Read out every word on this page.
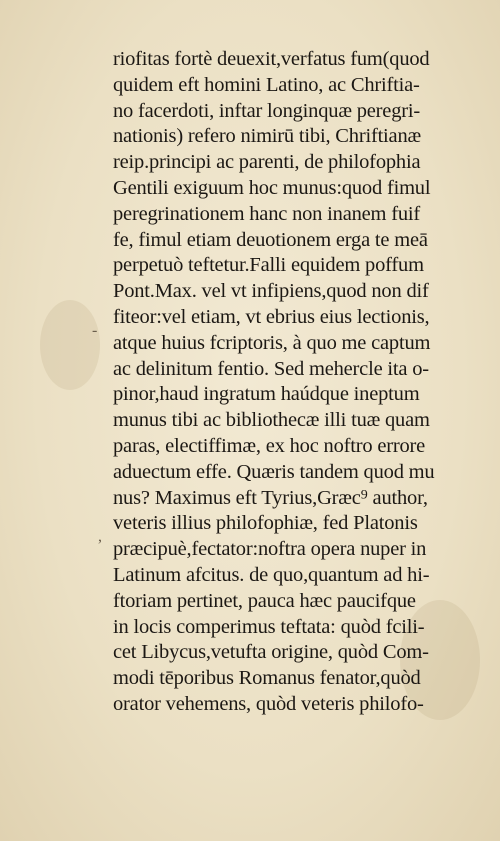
-
,
riofitas fortè deuexit,verfatus fum(quod
quidem eft homini Latino, ac Chriftia-
no facerdoti, inftar longinquæ peregri-
nationis) refero nimirū tibi, Chriftianæ
reip.principi ac parenti, de philofophia
Gentili exiguum hoc munus:quod fimul
peregrinationem hanc non inanem fuif
fe, fimul etiam deuotionem erga te meā
perpetuò teftetur.Falli equidem poffum
Pont.Max. vel vt infipiens,quod non dif
fiteor:vel etiam, vt ebrius eius lectionis,
atque huius fcriptoris, à quo me captum
ac delinitum fentio. Sed mehercle ita o-
pinor,haud ingratum haúdque ineptum
munus tibi ac bibliothecæ illi tuæ quam
paras, electiffimæ, ex hoc noftro errore
aduectum effe. Quæris tandem quod mu
nus? Maximus eft Tyrius,Græc⁹ author,
veteris illius philofophiæ, fed Platonis
præcipuè,fectator:noftra opera nuper in
Latinum afcitus. de quo,quantum ad hi-
ftoriam pertinet, pauca hæc paucifque
in locis comperimus teftata: quòd fcili-
cet Libycus,vetufta origine, quòd Com-
modi tēporibus Romanus fenator,quòd
orator vehemens, quòd veteris philofo-
